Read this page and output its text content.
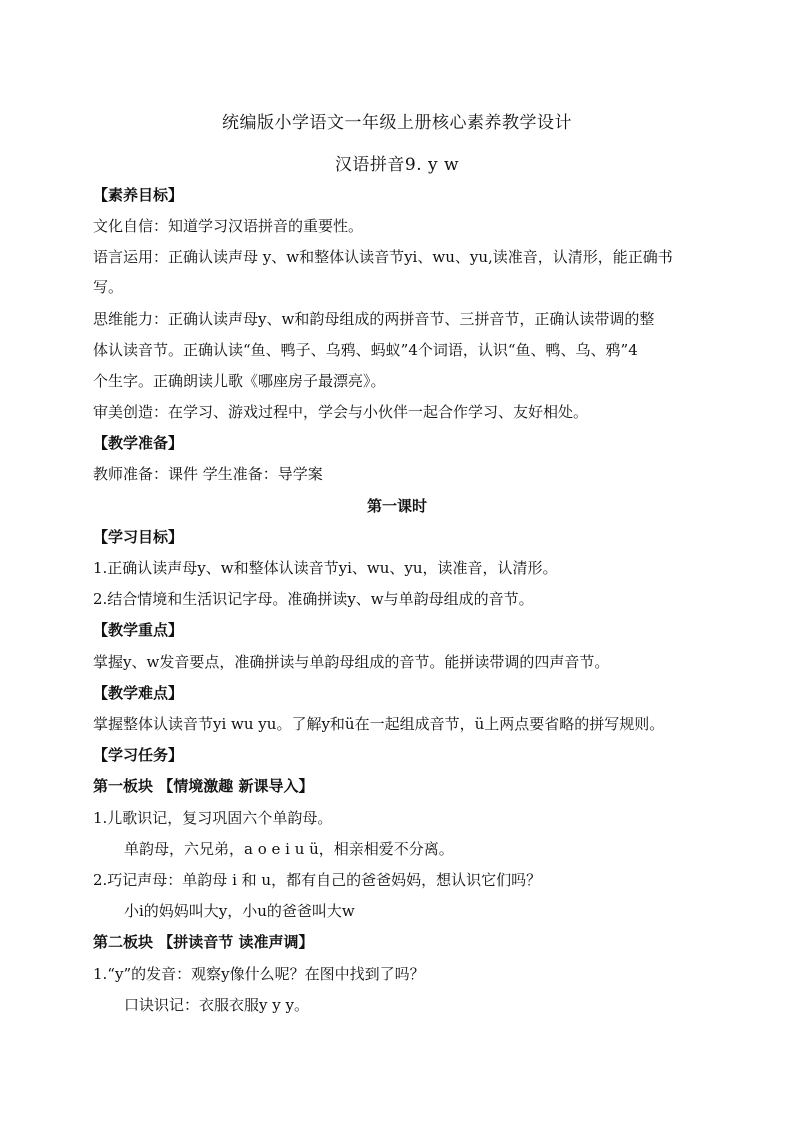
统编版小学语文一年级上册核心素养教学设计
汉语拼音9. y w
【素养目标】
文化自信：知道学习汉语拼音的重要性。
语言运用：正确认读声母 y、w和整体认读音节yi、wu、yu,读准音，认清形，能正确书
写。
思维能力：正确认读声母y、w和韵母组成的两拼音节、三拼音节，正确认读带调的整
体认读音节。正确认读“鱼、鸭子、乌鸦、蚂蚁”4个词语，认识“鱼、鸭、乌、鸦”4
个生字。正确朗读儿歌《哪座房子最漂亮》。
审美创造：在学习、游戏过程中，学会与小伙伴一起合作学习、友好相处。
【教学准备】
教师准备：课件 学生准备：导学案
第一课时
【学习目标】
1.正确认读声母y、w和整体认读音节yi、wu、yu，读准音，认清形。
2.结合情境和生活识记字母。准确拼读y、w与单韵母组成的音节。
【教学重点】
掌握y、w发音要点，准确拼读与单韵母组成的音节。能拼读带调的四声音节。
【教学难点】
掌握整体认读音节yi wu yu。了解y和ü在一起组成音节，ü上两点要省略的拼写规则。
【学习任务】
第一板块 【情境激趣 新课导入】
1.儿歌识记，复习巩固六个单韵母。
单韵母，六兄弟，a o e i u ü，相亲相爱不分离。
2.巧记声母：单韵母 i 和 u，都有自己的爸爸妈妈，想认识它们吗？
小i的妈妈叫大y，小u的爸爸叫大w
第二板块 【拼读音节 读准声调】
1.“y”的发音：观察y像什么呢？在图中找到了吗？
口诀识记：衣服衣服y y y。
